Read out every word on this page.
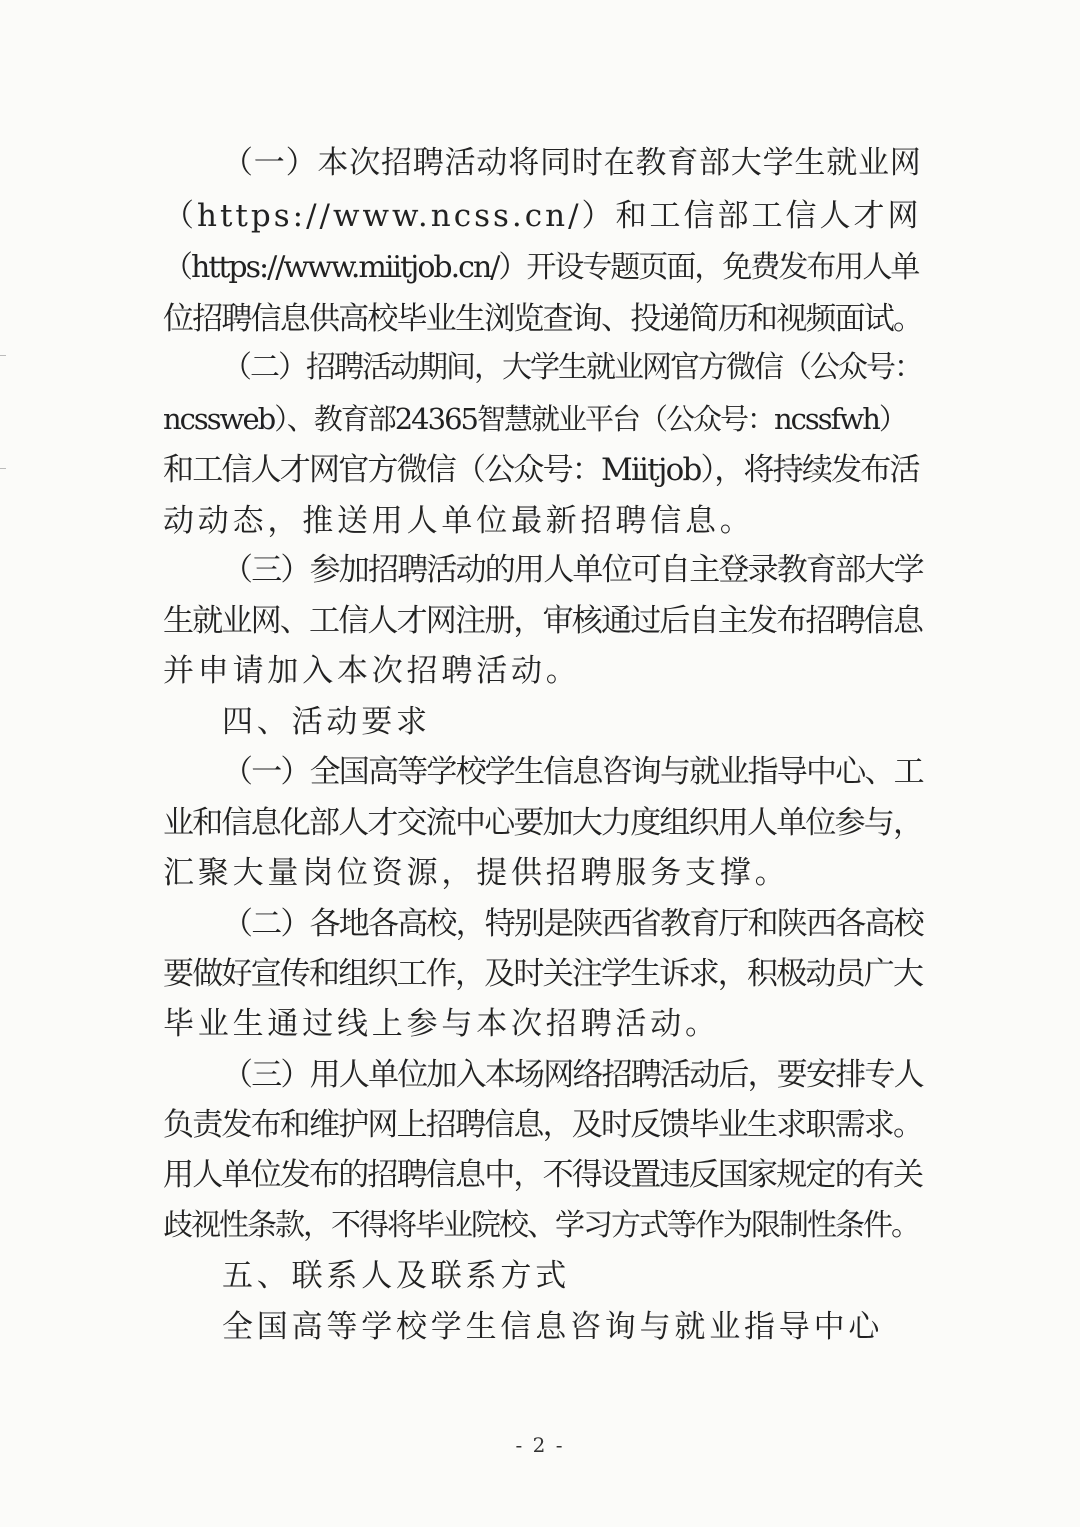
（一）本次招聘活动将同时在教育部大学生就业网
（https://www.ncss.cn/）和工信部工信人才网
（https://www.miitjob.cn/）开设专题页面，免费发布用人单
位招聘信息供高校毕业生浏览查询、投递简历和视频面试。
（二）招聘活动期间，大学生就业网官方微信（公众号：
ncssweb）、教育部24365智慧就业平台（公众号：ncssfwh）
和工信人才网官方微信（公众号：Miitjob），将持续发布活
动动态，推送用人单位最新招聘信息。
（三）参加招聘活动的用人单位可自主登录教育部大学
生就业网、工信人才网注册，审核通过后自主发布招聘信息
并申请加入本次招聘活动。
四、活动要求
（一）全国高等学校学生信息咨询与就业指导中心、工
业和信息化部人才交流中心要加大力度组织用人单位参与，
汇聚大量岗位资源，提供招聘服务支撑。
（二）各地各高校，特别是陕西省教育厅和陕西各高校
要做好宣传和组织工作，及时关注学生诉求，积极动员广大
毕业生通过线上参与本次招聘活动。
（三）用人单位加入本场网络招聘活动后，要安排专人
负责发布和维护网上招聘信息，及时反馈毕业生求职需求。
用人单位发布的招聘信息中，不得设置违反国家规定的有关
歧视性条款，不得将毕业院校、学习方式等作为限制性条件。
五、联系人及联系方式
全国高等学校学生信息咨询与就业指导中心
- 2 -
